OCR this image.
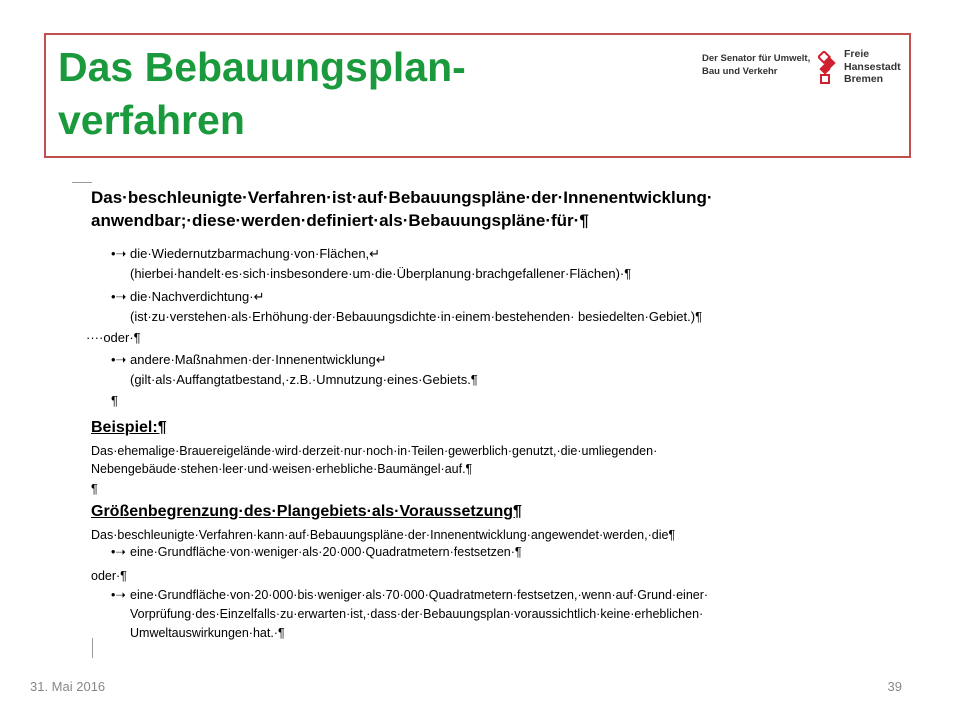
Das Bebauungsplan-
verfahren
Der Senator für Umwelt,
Bau und Verkehr
Freie
Hansestadt
Bremen

Das·beschleunigte·Verfahren·ist·auf·Bebauungspläne·der·Innenentwicklung· anwendbar;·diese·werden·definiert·als·Bebauungspläne·für·¶

•➝ die·Wiedernutzbarmachung·von·Flächen,↵
(hierbei·handelt·es·sich·insbesondere·um·die·Überplanung·brachgefallener·Flächen)·¶
•➝ die·Nachverdichtung·↵
(ist·zu·verstehen·als·Erhöhung·der·Bebauungsdichte·in·einem·bestehenden· besiedelten·Gebiet.)¶
····oder·¶
•➝ andere·Maßnahmen·der·Innenentwicklung↵
(gilt·als·Auffangtatbestand,·z.B.·Umnutzung·eines·Gebiets.¶
¶

Beispiel:¶

Das·ehemalige·Brauereigelände·wird·derzeit·nur·noch·in·Teilen·gewerblich·genutzt,·die·umliegenden· Nebengebäude·stehen·leer·und·weisen·erhebliche·Baumängel·auf.¶

¶

Größenbegrenzung·des·Plangebiets·als·Voraussetzung¶

Das·beschleunigte·Verfahren·kann·auf·Bebauungspläne·der·Innenentwicklung·angewendet·werden,·die¶

•➝ eine·Grundfläche·von·weniger·als·20·000·Quadratmetern·festsetzen·¶
oder·¶
•➝ eine·Grundfläche·von·20·000·bis·weniger·als·70·000·Quadratmetern·festsetzen,·wenn·auf·Grund·einer· Vorprüfung·des·Einzelfalls·zu·erwarten·ist,·dass·der·Bebauungsplan·voraussichtlich·keine·erheblichen· Umweltauswirkungen·hat.·¶
31. Mai 2016	39
